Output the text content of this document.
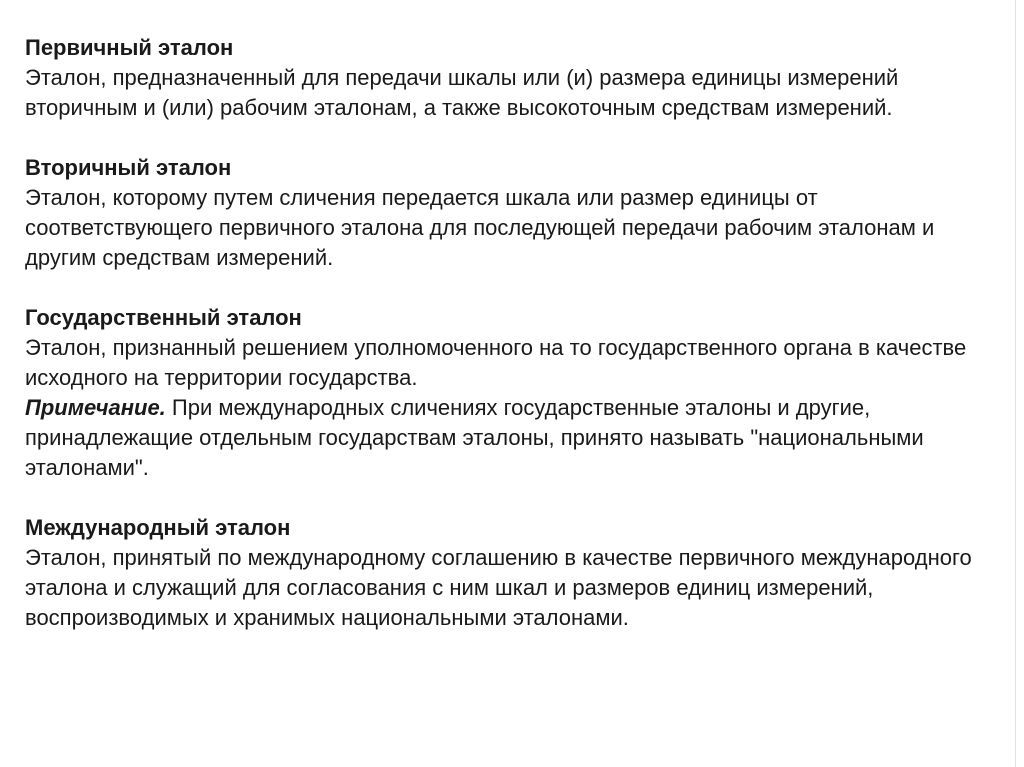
Первичный эталон

Эталон, предназначенный для передачи шкалы или (и) размера единицы измерений вторичным и (или) рабочим эталонам, а также высокоточным средствам измерений.

Вторичный эталон

Эталон, которому путем сличения передается шкала или размер единицы от соответствующего первичного эталона для последующей передачи рабочим эталонам и другим средствам измерений.

Государственный эталон

Эталон, признанный решением уполномоченного на то государственного органа в качестве исходного на территории государства.

Примечание. При международных сличениях государственные эталоны и другие, принадлежащие отдельным государствам эталоны, принято называть "национальными эталонами".

Международный эталон

Эталон, принятый по международному соглашению в качестве первичного международного эталона и служащий для согласования с ним шкал и размеров единиц измерений, воспроизводимых и хранимых национальными эталонами.
